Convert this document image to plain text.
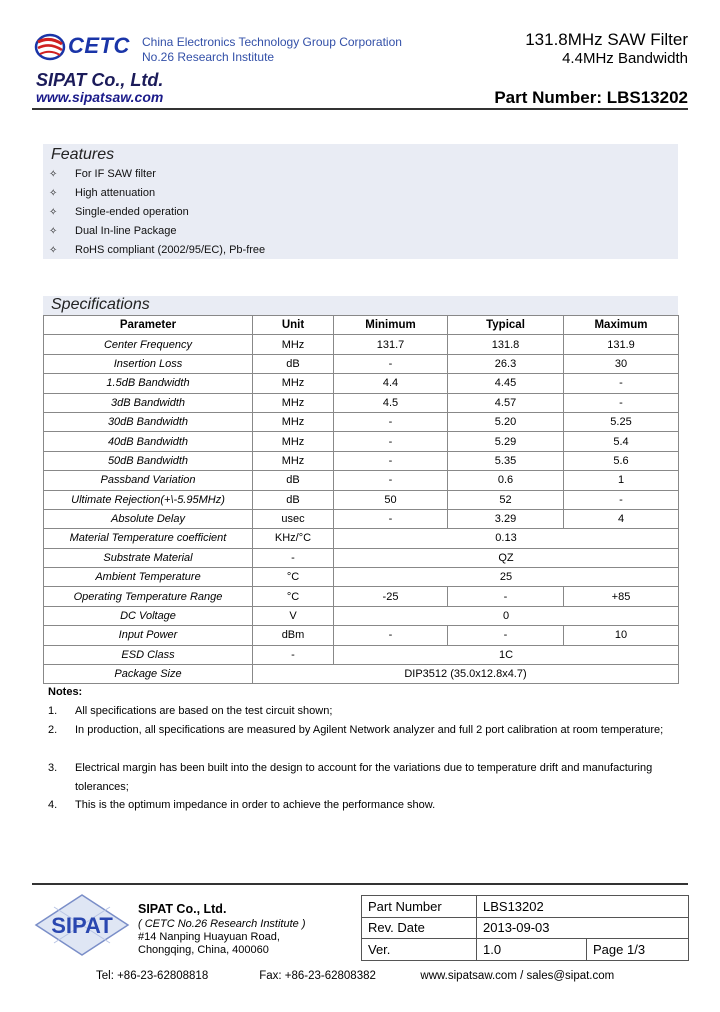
CETC China Electronics Technology Group Corporation
No.26 Research Institute
131.8MHz SAW Filter
4.4MHz Bandwidth
SIPAT Co., Ltd.
www.sipatsaw.com	Part Number: LBS13202
Features
✧ For IF SAW filter
✧ High attenuation
✧ Single-ended operation
✧ Dual In-line Package
✧ RoHS compliant (2002/95/EC), Pb-free
Specifications
Parameter	Unit	Minimum	Typical	Maximum
Center Frequency	MHz	131.7	131.8	131.9
Insertion Loss	dB	-	26.3	30
1.5dB Bandwidth	MHz	4.4	4.45	-
3dB Bandwidth	MHz	4.5	4.57	-
30dB Bandwidth	MHz	-	5.20	5.25
40dB Bandwidth	MHz	-	5.29	5.4
50dB Bandwidth	MHz	-	5.35	5.6
Passband Variation	dB	-	0.6	1
Ultimate Rejection(+\-5.95MHz)	dB	50	52	-
Absolute Delay	usec	-	3.29	4
Material Temperature coefficient	KHz/°C	0.13		
Substrate Material	-	QZ		
Ambient Temperature	°C	25		
Operating Temperature Range	°C	-25	-	+85
DC Voltage	V	0		
Input Power	dBm	-	-	10
ESD Class	-	1C		
Package Size	DIP3512 (35.0x12.8x4.7)			
Notes:
1. All specifications are based on the test circuit shown;
2. In production, all specifications are measured by Agilent Network analyzer and full 2 port calibration at room temperature;
3. Electrical margin has been built into the design to account for the variations due to temperature drift and manufacturing tolerances;
4. This is the optimum impedance in order to achieve the performance show.
SIPAT
SIPAT Co., Ltd.
( CETC No.26 Research Institute )
#14 Nanping Huayuan Road,
Chongqing, China, 400060
Part Number	LBS13202	
Rev. Date	2013-09-03	
Ver.	1.0	Page 1/3
Tel: +86-23-62808818	Fax: +86-23-62808382	www.sipatsaw.com / sales@sipat.com
